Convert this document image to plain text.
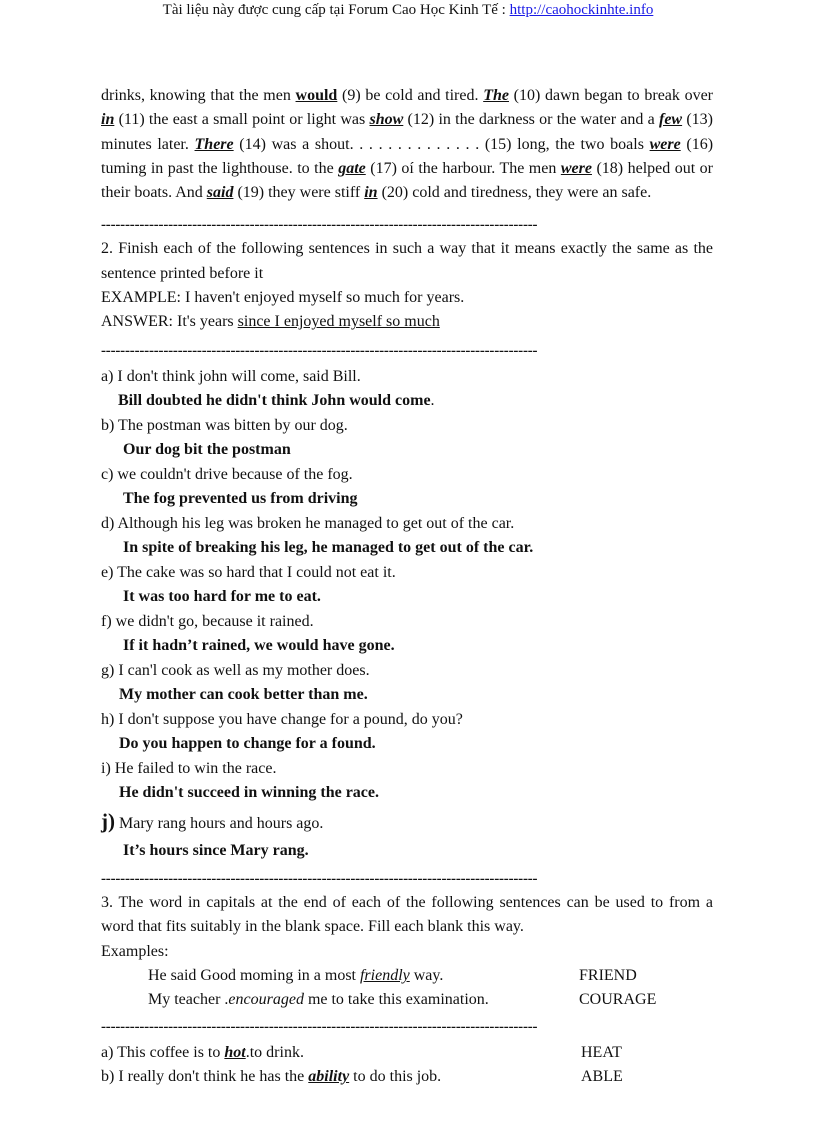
Tài liệu này được cung cấp tại Forum Cao Học Kinh Tế : http://caohockinhte.info

drinks, knowing that the men would (9) be cold and tired. The (10) dawn began to break over in (11) the east a small point or light was show (12) in the darkness or the water and a few (13) minutes later. There (14) was a shout. . . . . . . . . . . . . . (15) long, the two boals were (16) tuming in past the lighthouse. to the gate (17) oí the harbour. The men were (18) helped out or their boats. And said (19) they were stiff in (20) cold and tiredness, they were an safe.

-------------------------------------------------------------------------------------------

2. Finish each of the following sentences in such a way that it means exactly the same as the sentence printed before it

EXAMPLE: I haven't enjoyed myself so much for years.

ANSWER: It's years since I enjoyed myself so much

-------------------------------------------------------------------------------------------

a) I don't think john will come, said Bill.

Bill doubted he didn't think John would come.

b) The postman was bitten by our dog.

Our dog bit the postman

c) we couldn't drive because of the fog.

The fog prevented us from driving

d) Although his leg was broken he managed to get out of the car.

In spite of breaking his leg, he managed to get out of the car.

e) The cake was so hard that I could not eat it.

It was too hard for me to eat.

f) we didn't go, because it rained.

If it hadn’t rained, we would have gone.

g) I can'l cook as well as my mother does.

My mother can cook better than me.

h) I don't suppose you have change for a pound, do you?

Do you happen to change for a found.

i) He failed to win the race.

He didn't succeed in winning the race.

j) Mary rang hours and hours ago.

It’s hours since Mary rang.

-------------------------------------------------------------------------------------------

3. The word in capitals at the end of each of the following sentences can be used to from a word that fits suitably in the blank space. Fill each blank this way.

Examples:

He said Good moming in a most friendly way.	FRIEND
My teacher .encouraged me to take this examination.	COURAGE
-------------------------------------------------------------------------------------------
a) This coffee is to hot.to drink.	HEAT
b) I really don't think he has the ability to do this job.	ABLE
